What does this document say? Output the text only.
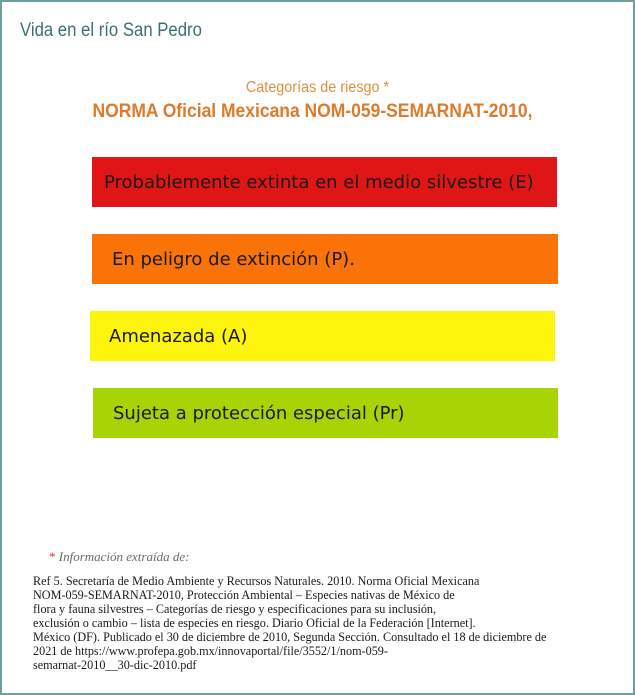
Vida en el río San Pedro
Categorías de riesgo *
NORMA Oficial Mexicana NOM-059-SEMARNAT-2010,
Probablemente extinta en el medio silvestre (E)
En peligro de extinción (P).
Amenazada (A)
Sujeta a protección especial (Pr)
* Información extraída de:
Ref 5. Secretaría de Medio Ambiente y Recursos Naturales. 2010. Norma Oficial Mexicana
NOM-059-SEMARNAT-2010, Protección Ambiental – Especies nativas de México de
flora y fauna silvestres – Categorías de riesgo y especificaciones para su inclusión,
exclusión o cambio – lista de especies en riesgo. Diario Oficial de la Federación [Internet].
México (DF). Publicado el 30 de diciembre de 2010, Segunda Sección. Consultado el 18 de diciembre de
2021 de https://www.profepa.gob.mx/innovaportal/file/3552/1/nom-059-
semarnat-2010__30-dic-2010.pdf
